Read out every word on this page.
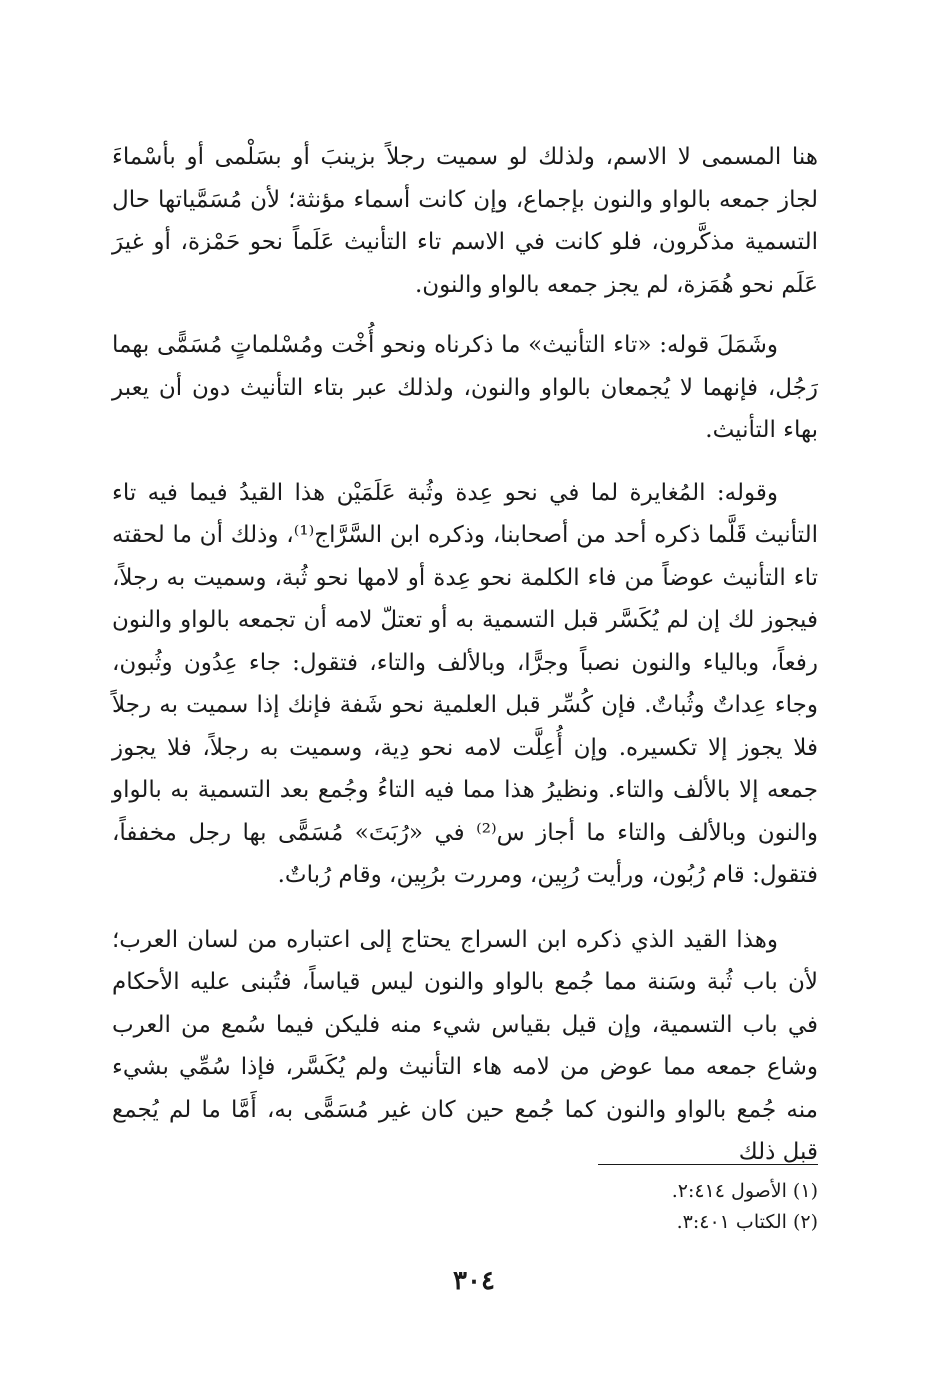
هنا المسمى لا الاسم، ولذلك لو سميت رجلاً بزينبَ أو بسَلْمى أو بأسْماءَ لجاز جمعه بالواو والنون بإجماع، وإن كانت أسماء مؤنثة؛ لأن مُسَمَّياتها حال التسمية مذكَّرون، فلو كانت في الاسم تاء التأنيث عَلَماً نحو حَمْزة، أو غيرَ عَلَم نحو هُمَزة، لم يجز جمعه بالواو والنون.

وشَمَلَ قوله: «تاء التأنيث» ما ذكرناه ونحو أُخْت ومُسْلماتٍ مُسَمًّى بهما رَجُل، فإنهما لا يُجمعان بالواو والنون، ولذلك عبر بتاء التأنيث دون أن يعبر بهاء التأنيث.

وقوله: المُغايرة لما في نحو عِدة وثُبة عَلَمَيْن هذا القيدُ فيما فيه تاء التأنيث قَلَّما ذكره أحد من أصحابنا، وذكره ابن السَّرَّاج⁽¹⁾، وذلك أن ما لحقته تاء التأنيث عوضاً من فاء الكلمة نحو عِدة أو لامها نحو ثُبة، وسميت به رجلاً، فيجوز لك إن لم يُكَسَّر قبل التسمية به أو تعتلّ لامه أن تجمعه بالواو والنون رفعاً، وبالياء والنون نصباً وجرًّا، وبالألف والتاء، فتقول: جاء عِدُون وثُبون، وجاء عِداتٌ وثُباتٌ. فإن كُسِّر قبل العلمية نحو شَفة فإنك إذا سميت به رجلاً فلا يجوز إلا تكسيره. وإن أُعِلَّت لامه نحو دِية، وسميت به رجلاً، فلا يجوز جمعه إلا بالألف والتاء. ونظيرُ هذا مما فيه التاءُ وجُمع بعد التسمية به بالواو والنون وبالألف والتاء ما أجاز س⁽²⁾ في «رُبَتَ» مُسَمًّى بها رجل مخففاً، فتقول: قام رُبُون، ورأيت رُبِين، ومررت برُبِين، وقام رُباتٌ.

وهذا القيد الذي ذكره ابن السراج يحتاج إلى اعتباره من لسان العرب؛ لأن باب ثُبة وسَنة مما جُمع بالواو والنون ليس قياساً، فتُبنى عليه الأحكام في باب التسمية، وإن قيل بقياس شيء منه فليكن فيما سُمع من العرب وشاع جمعه مما عوض من لامه هاء التأنيث ولم يُكَسَّر، فإذا سُمِّي بشيء منه جُمع بالواو والنون كما جُمع حين كان غير مُسَمًّى به، أَمَّا ما لم يُجمع قبل ذلك

(١) الأصول ٢:٤١٤.
(٢) الكتاب ٣:٤٠١.
٣٠٤
